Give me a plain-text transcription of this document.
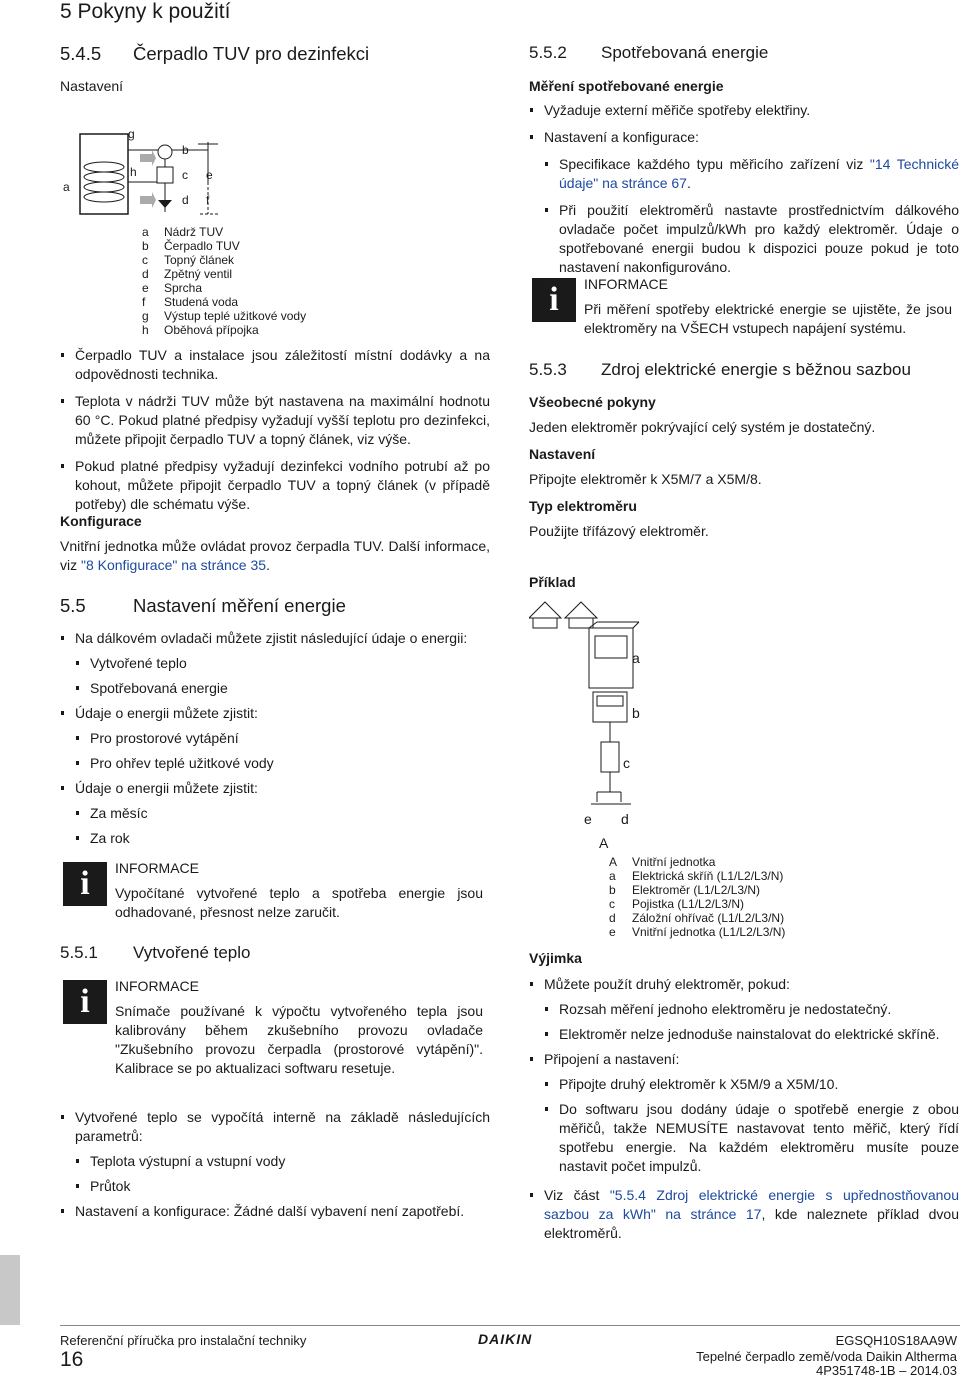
5 Pokyny k použití
5.4.5 Čerpadlo TUV pro dezinfekci
Nastavení
a
g
h
b
c
d
e
f
a Nádrž TUV
b Čerpadlo TUV
c Topný článek
d Zpětný ventil
e Sprcha
f Studená voda
g Výstup teplé užitkové vody
h Oběhová přípojka
Čerpadlo TUV a instalace jsou záležitostí místní dodávky a na odpovědnosti technika.
Teplota v nádrži TUV může být nastavena na maximální hodnotu 60 °C. Pokud platné předpisy vyžadují vyšší teplotu pro dezinfekci, můžete připojit čerpadlo TUV a topný článek, viz výše.
Pokud platné předpisy vyžadují dezinfekci vodního potrubí až po kohout, můžete připojit čerpadlo TUV a topný článek (v případě potřeby) dle schématu výše.
Konfigurace

Vnitřní jednotka může ovládat provoz čerpadla TUV. Další informace, viz "8 Konfigurace" na stránce 35.

5.5	Nastavení měření energie
Na dálkovém ovladači můžete zjistit následující údaje o energii:
Vytvořené teplo
Spotřebovaná energie
Údaje o energii můžete zjistit:
Pro prostorové vytápění
Pro ohřev teplé užitkové vody
Údaje o energii můžete zjistit:
Za měsíc
Za rok
i	INFORMACE
Vypočítané vytvořené teplo a spotřeba energie jsou odhadované, přesnost nelze zaručit.
5.5.1 Vytvořené teplo
i	INFORMACE
Snímače používané k výpočtu vytvořeného tepla jsou kalibrovány během zkušebního provozu ovladače "Zkušebního provozu čerpadla (prostorové vytápění)". Kalibrace se po aktualizaci softwaru resetuje.
Vytvořené teplo se vypočítá interně na základě následujících parametrů:
Teplota výstupní a vstupní vody
Průtok
Nastavení a konfigurace: Žádné další vybavení není zapotřebí.
5.5.2 Spotřebovaná energie
Měření spotřebované energie
Vyžaduje externí měřiče spotřeby elektřiny.
Nastavení a konfigurace:
Specifikace každého typu měřicího zařízení viz "14 Technické údaje" na stránce 67.
Při použití elektroměrů nastavte prostřednictvím dálkového ovladače počet impulzů/kWh pro každý elektroměr. Údaje o spotřebované energii budou k dispozici pouze pokud je toto nastavení nakonfigurováno.
i	INFORMACE
Při měření spotřeby elektrické energie se ujistěte, že jsou elektroměry na VŠECH vstupech napájení systému.
5.5.3 Zdroj elektrické energie s běžnou sazbou
Všeobecné pokyny
Jeden elektroměr pokrývající celý systém je dostatečný.
Nastavení
Připojte elektroměr k X5M/7 a X5M/8.
Typ elektroměru
Použijte třífázový elektroměr.
Příklad
a
b
c
e d
A
A Vnitřní jednotka
a Elektrická skříň (L1/L2/L3/N)
b Elektroměr (L1/L2/L3/N)
c Pojistka (L1/L2/L3/N)
d Záložní ohřívač (L1/L2/L3/N)
e Vnitřní jednotka (L1/L2/L3/N)
Výjimka
Můžete použít druhý elektroměr, pokud:
Rozsah měření jednoho elektroměru je nedostatečný.
Elektroměr nelze jednoduše nainstalovat do elektrické skříně.
Připojení a nastavení:
Připojte druhý elektroměr k X5M/9 a X5M/10.
Do softwaru jsou dodány údaje o spotřebě energie z obou měřičů, takže NEMUSÍTE nastavovat tento měřič, který řídí spotřebu energie. Na každém elektroměru musíte pouze nastavit počet impulzů.
Viz část "5.5.4 Zdroj elektrické energie s upřednostňovanou sazbou za kWh" na stránce 17, kde naleznete příklad dvou elektroměrů.
Referenční příručka pro instalační techniky
16
DAIKIN	EGSQH10S18AA9W
Tepelné čerpadlo země/voda Daikin Altherma
4P351748-1B – 2014.03
